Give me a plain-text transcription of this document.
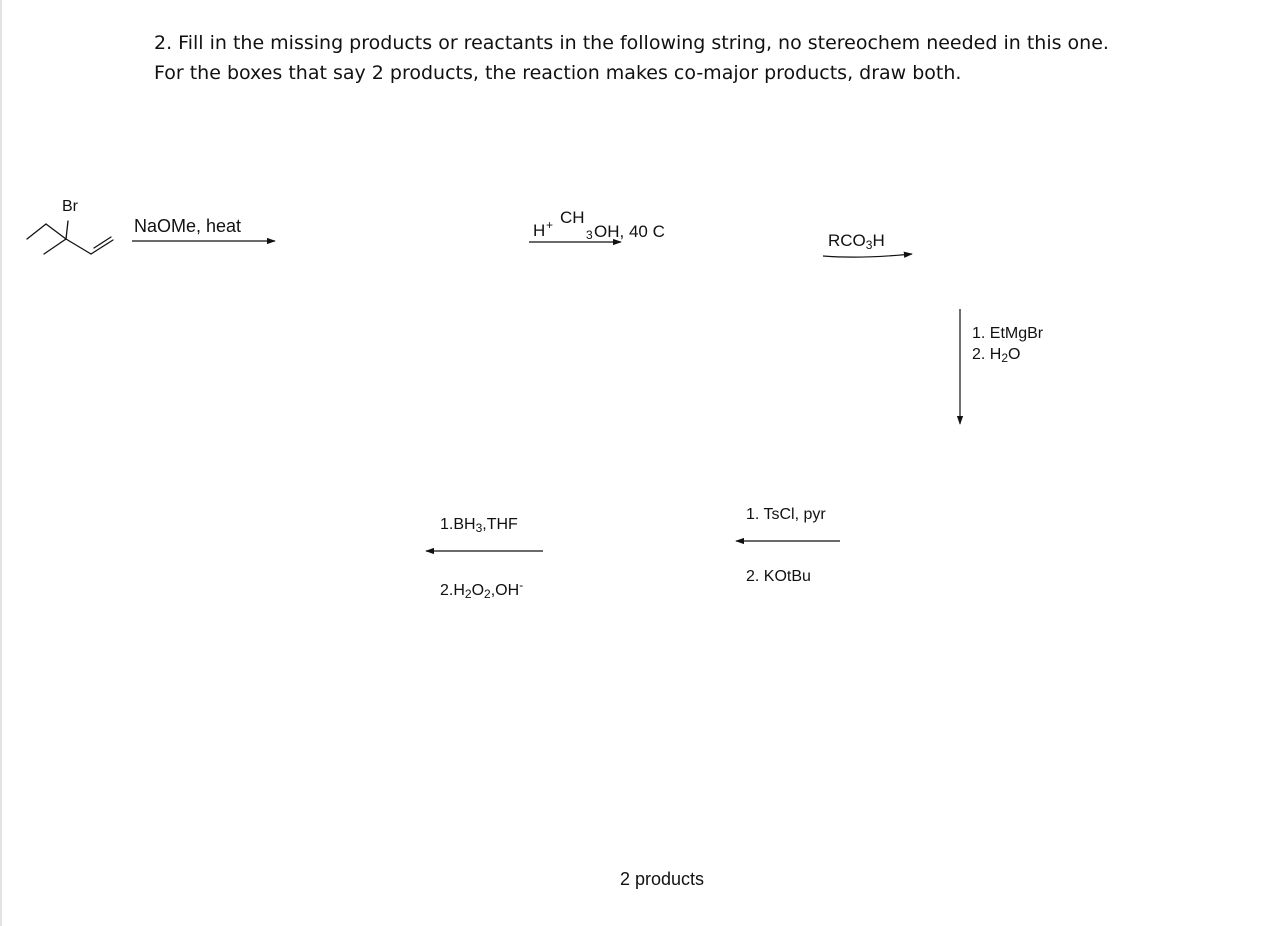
2. Fill in the missing products or reactants in the following string, no stereochem needed in this one.

For the boxes that say 2 products, the reaction makes co-major products, draw both.

Br
NaOMe, heat	H + CH
3 OH, 40 C	$RCO_3H$
1. EtMgBr
2. $H_2O$
1. TsCl, pyr
2. KOtBu
$1.BH_3,THF$
$2.H_2O_2,OH^-$
2 products
